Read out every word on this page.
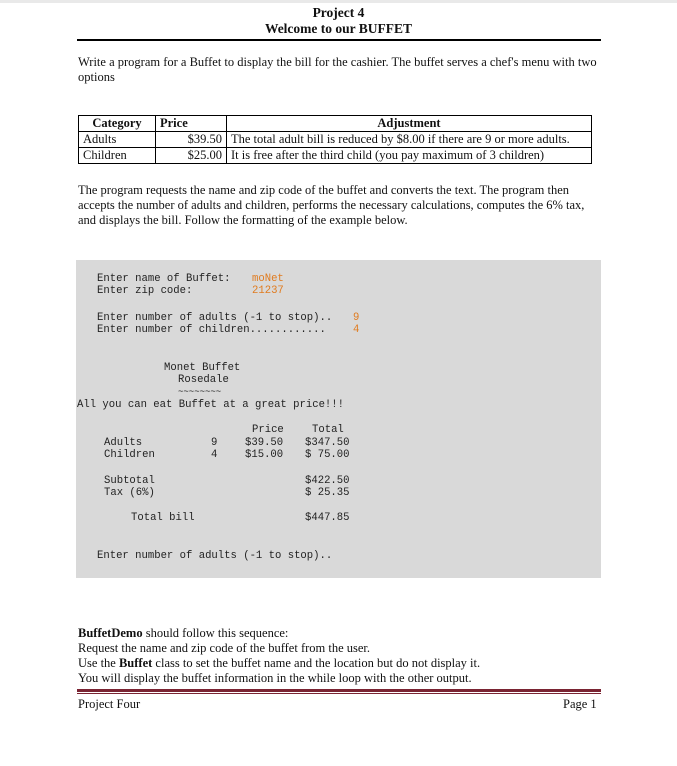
Project 4
Welcome to our BUFFET
Write a program for a Buffet to display the bill for the cashier. The buffet serves a chef's menu with two options
Category	Price	Adjustment
Adults	$39.50	The total adult bill is reduced by $8.00 if there are 9 or more adults.
Children	$25.00	It is free after the third child (you pay maximum of 3 children)
The program requests the name and zip code of the buffet and converts the text. The program then accepts the number of adults and children, performs the necessary calculations, computes the 6% tax, and displays the bill. Follow the formatting of the example below.
Enter name of Buffet: moNet
Enter zip code:	21237
Enter number of adults (-1 to stop).. 9
Enter number of children............	4
Monet Buffet
Rosedale
~~~~~~~~
All you can eat Buffet at a great price!!!
Price	Total
Adults	9	$39.50 $347.50
Children	4	$15.00 $ 75.00
Subtotal	$422.50
Tax (6%)	$ 25.35
Total bill	$447.85
Enter number of adults (-1 to stop)..
BuffetDemo should follow this sequence:
Request the name and zip code of the buffet from the user.
Use the Buffet class to set the buffet name and the location but do not display it.
You will display the buffet information in the while loop with the other output.
Project Four	Page 1
